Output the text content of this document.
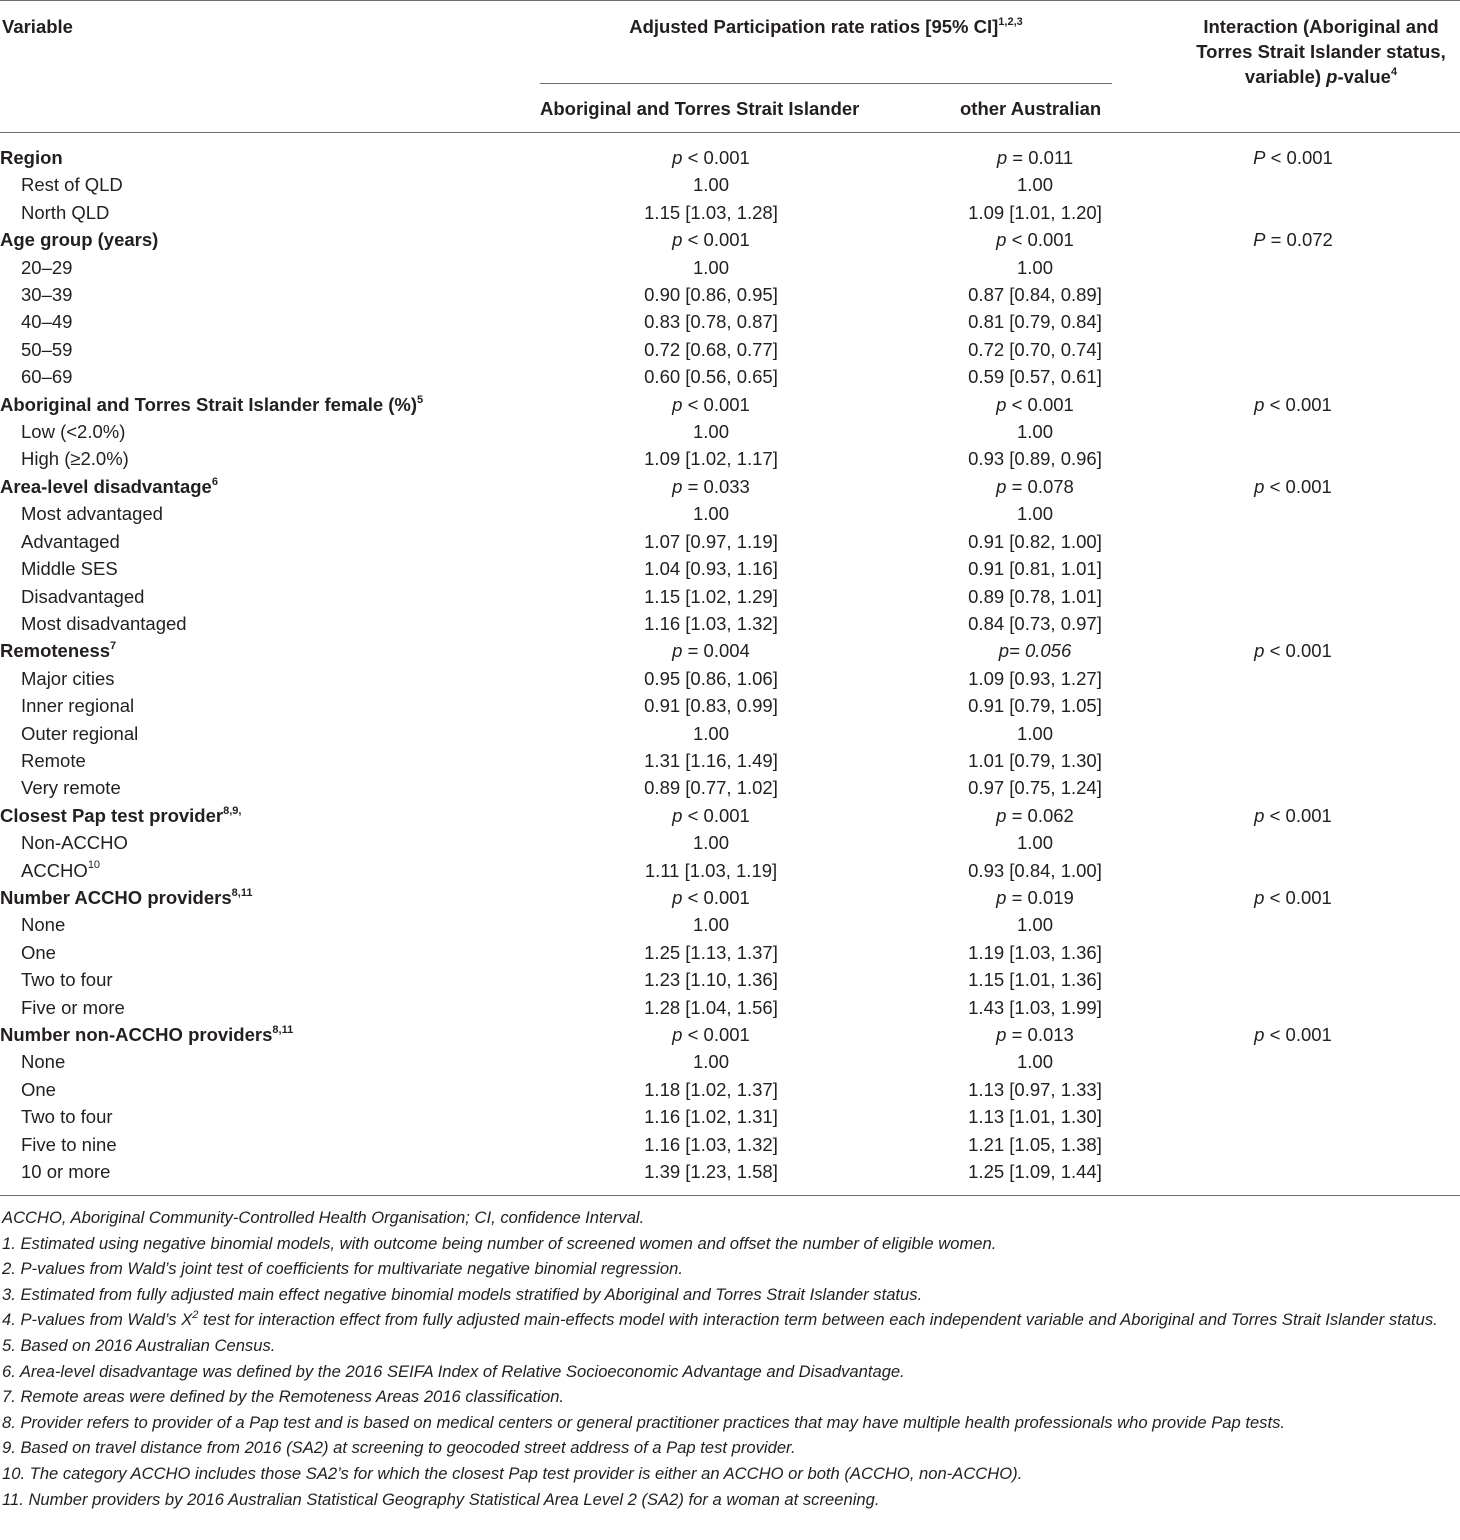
Variable	Adjusted Participation rate ratios [95% CI]$^{1,2,3}$	Interaction (Aboriginal and
Torres Strait Islander status,
variable) p-value$^4$
Aboriginal and Torres Strait Islander	other Australian
Region	p < 0.001	p = 0.011	P < 0.001
Rest of QLD	1.00	1.00	
North QLD	1.15 [1.03, 1.28]	1.09 [1.01, 1.20]	
Age group (years)	p < 0.001	p < 0.001	P = 0.072
20–29	1.00	1.00	
30–39	0.90 [0.86, 0.95]	0.87 [0.84, 0.89]	
40–49	0.83 [0.78, 0.87]	0.81 [0.79, 0.84]	
50–59	0.72 [0.68, 0.77]	0.72 [0.70, 0.74]	
60–69	0.60 [0.56, 0.65]	0.59 [0.57, 0.61]	
Aboriginal and Torres Strait Islander female (%)$^5$	p < 0.001	p < 0.001	p < 0.001
Low (<2.0%)	1.00	1.00	
High (≥2.0%)	1.09 [1.02, 1.17]	0.93 [0.89, 0.96]	
Area-level disadvantage$^6$	p = 0.033	p = 0.078	p < 0.001
Most advantaged	1.00	1.00	
Advantaged	1.07 [0.97, 1.19]	0.91 [0.82, 1.00]	
Middle SES	1.04 [0.93, 1.16]	0.91 [0.81, 1.01]	
Disadvantaged	1.15 [1.02, 1.29]	0.89 [0.78, 1.01]	
Most disadvantaged	1.16 [1.03, 1.32]	0.84 [0.73, 0.97]	
Remoteness$^7$	p = 0.004	p= 0.056	p < 0.001
Major cities	0.95 [0.86, 1.06]	1.09 [0.93, 1.27]	
Inner regional	0.91 [0.83, 0.99]	0.91 [0.79, 1.05]	
Outer regional	1.00	1.00	
Remote	1.31 [1.16, 1.49]	1.01 [0.79, 1.30]	
Very remote	0.89 [0.77, 1.02]	0.97 [0.75, 1.24]	
Closest Pap test provider$^{8,9,}$	p < 0.001	p = 0.062	p < 0.001
Non-ACCHO	1.00	1.00	
ACCHO$^{10}$	1.11 [1.03, 1.19]	0.93 [0.84, 1.00]	
Number ACCHO providers$^{8,11}$	p < 0.001	p = 0.019	p < 0.001
None	1.00	1.00	
One	1.25 [1.13, 1.37]	1.19 [1.03, 1.36]	
Two to four	1.23 [1.10, 1.36]	1.15 [1.01, 1.36]	
Five or more	1.28 [1.04, 1.56]	1.43 [1.03, 1.99]	
Number non-ACCHO providers$^{8,11}$	p < 0.001	p = 0.013	p < 0.001
None	1.00	1.00	
One	1.18 [1.02, 1.37]	1.13 [0.97, 1.33]	
Two to four	1.16 [1.02, 1.31]	1.13 [1.01, 1.30]	
Five to nine	1.16 [1.03, 1.32]	1.21 [1.05, 1.38]	
10 or more	1.39 [1.23, 1.58]	1.25 [1.09, 1.44]	

ACCHO, Aboriginal Community-Controlled Health Organisation; CI, confidence Interval.

1. Estimated using negative binomial models, with outcome being number of screened women and offset the number of eligible women.

2. P-values from Wald’s joint test of coefficients for multivariate negative binomial regression.

3. Estimated from fully adjusted main effect negative binomial models stratified by Aboriginal and Torres Strait Islander status.

4. P-values from Wald’s $X^2$ test for interaction effect from fully adjusted main-effects model with interaction term between each independent variable and Aboriginal and Torres Strait Islander status.

5. Based on 2016 Australian Census.

6. Area-level disadvantage was defined by the 2016 SEIFA Index of Relative Socioeconomic Advantage and Disadvantage.

7. Remote areas were defined by the Remoteness Areas 2016 classification.

8. Provider refers to provider of a Pap test and is based on medical centers or general practitioner practices that may have multiple health professionals who provide Pap tests.

9. Based on travel distance from 2016 (SA2) at screening to geocoded street address of a Pap test provider.

10. The category ACCHO includes those SA2’s for which the closest Pap test provider is either an ACCHO or both (ACCHO, non-ACCHO).

11. Number providers by 2016 Australian Statistical Geography Statistical Area Level 2 (SA2) for a woman at screening.
